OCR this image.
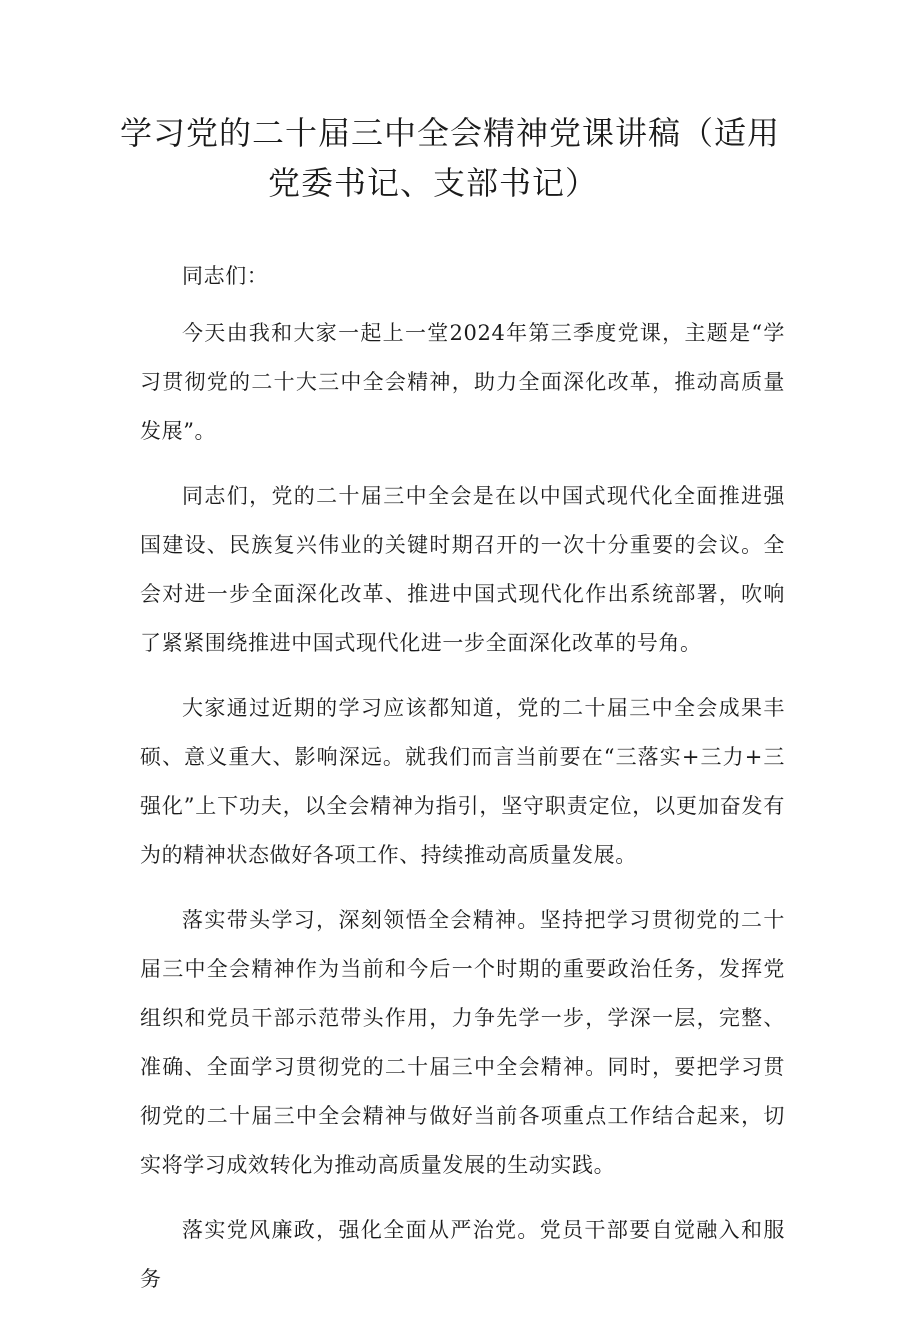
学习党的二十届三中全会精神党课讲稿（适用
党委书记、支部书记）

同志们：

今天由我和大家一起上一堂2024年第三季度党课，主题是“学习贯彻党的二十大三中全会精神，助力全面深化改革，推动高质量发展”。

同志们，党的二十届三中全会是在以中国式现代化全面推进强国建设、民族复兴伟业的关键时期召开的一次十分重要的会议。全会对进一步全面深化改革、推进中国式现代化作出系统部署，吹响了紧紧围绕推进中国式现代化进一步全面深化改革的号角。

大家通过近期的学习应该都知道，党的二十届三中全会成果丰硕、意义重大、影响深远。就我们而言当前要在“三落实+三力+三强化”上下功夫，以全会精神为指引，坚守职责定位，以更加奋发有为的精神状态做好各项工作、持续推动高质量发展。

落实带头学习，深刻领悟全会精神。坚持把学习贯彻党的二十届三中全会精神作为当前和今后一个时期的重要政治任务，发挥党组织和党员干部示范带头作用，力争先学一步，学深一层，完整、准确、全面学习贯彻党的二十届三中全会精神。同时，要把学习贯彻党的二十届三中全会精神与做好当前各项重点工作结合起来，切实将学习成效转化为推动高质量发展的生动实践。

落实党风廉政，强化全面从严治党。党员干部要自觉融入和服务
